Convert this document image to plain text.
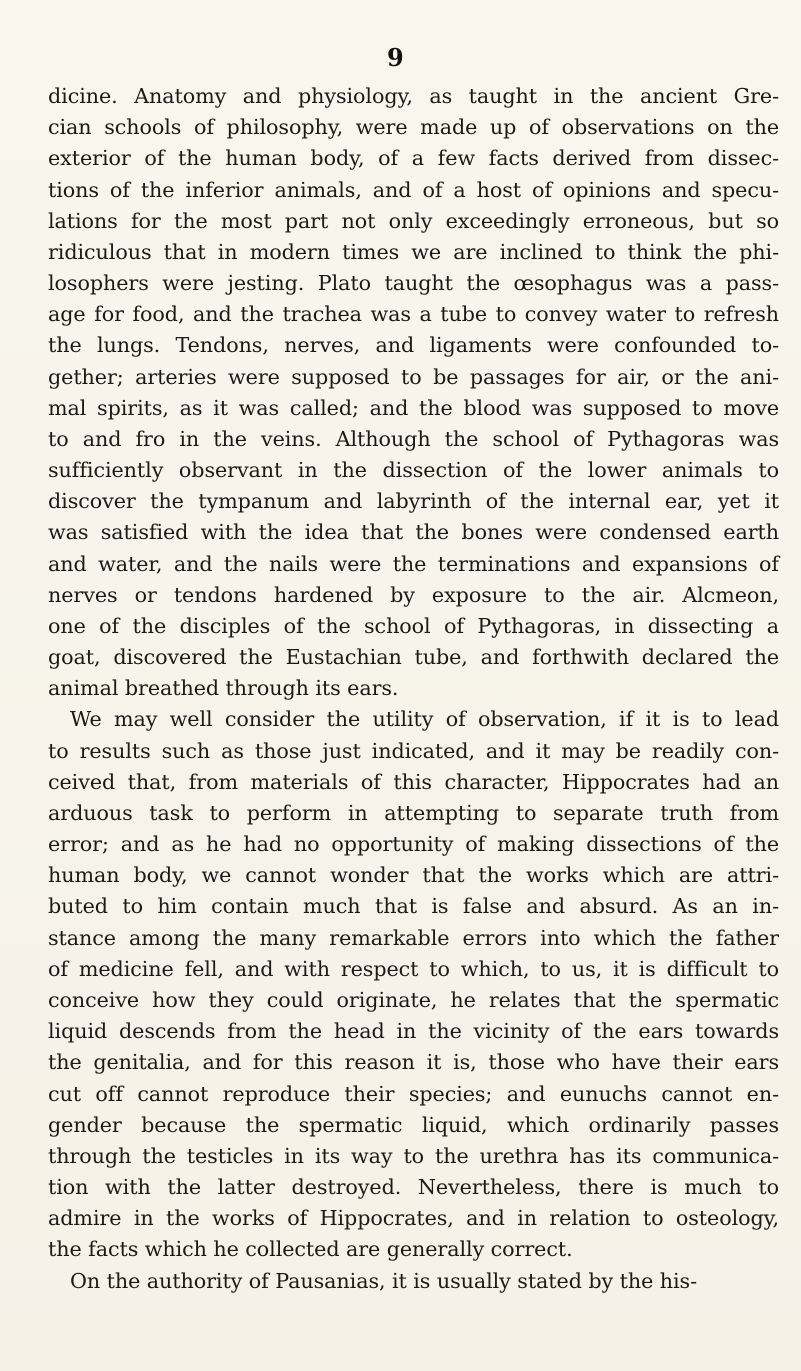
9
dicine. Anatomy and physiology, as taught in the ancient Gre-
cian schools of philosophy, were made up of observations on the
exterior of the human body, of a few facts derived from dissec-
tions of the inferior animals, and of a host of opinions and specu-
lations for the most part not only exceedingly erroneous, but so
ridiculous that in modern times we are inclined to think the phi-
losophers were jesting. Plato taught the œsophagus was a pass-
age for food, and the trachea was a tube to convey water to refresh
the lungs. Tendons, nerves, and ligaments were confounded to-
gether; arteries were supposed to be passages for air, or the ani-
mal spirits, as it was called; and the blood was supposed to move
to and fro in the veins. Although the school of Pythagoras was
sufficiently observant in the dissection of the lower animals to
discover the tympanum and labyrinth of the internal ear, yet it
was satisfied with the idea that the bones were condensed earth
and water, and the nails were the terminations and expansions of
nerves or tendons hardened by exposure to the air. Alcmeon,
one of the disciples of the school of Pythagoras, in dissecting a
goat, discovered the Eustachian tube, and forthwith declared the
animal breathed through its ears.
We may well consider the utility of observation, if it is to lead
to results such as those just indicated, and it may be readily con-
ceived that, from materials of this character, Hippocrates had an
arduous task to perform in attempting to separate truth from
error; and as he had no opportunity of making dissections of the
human body, we cannot wonder that the works which are attri-
buted to him contain much that is false and absurd. As an in-
stance among the many remarkable errors into which the father
of medicine fell, and with respect to which, to us, it is difficult to
conceive how they could originate, he relates that the spermatic
liquid descends from the head in the vicinity of the ears towards
the genitalia, and for this reason it is, those who have their ears
cut off cannot reproduce their species; and eunuchs cannot en-
gender because the spermatic liquid, which ordinarily passes
through the testicles in its way to the urethra has its communica-
tion with the latter destroyed. Nevertheless, there is much to
admire in the works of Hippocrates, and in relation to osteology,
the facts which he collected are generally correct.
On the authority of Pausanias, it is usually stated by the his-
